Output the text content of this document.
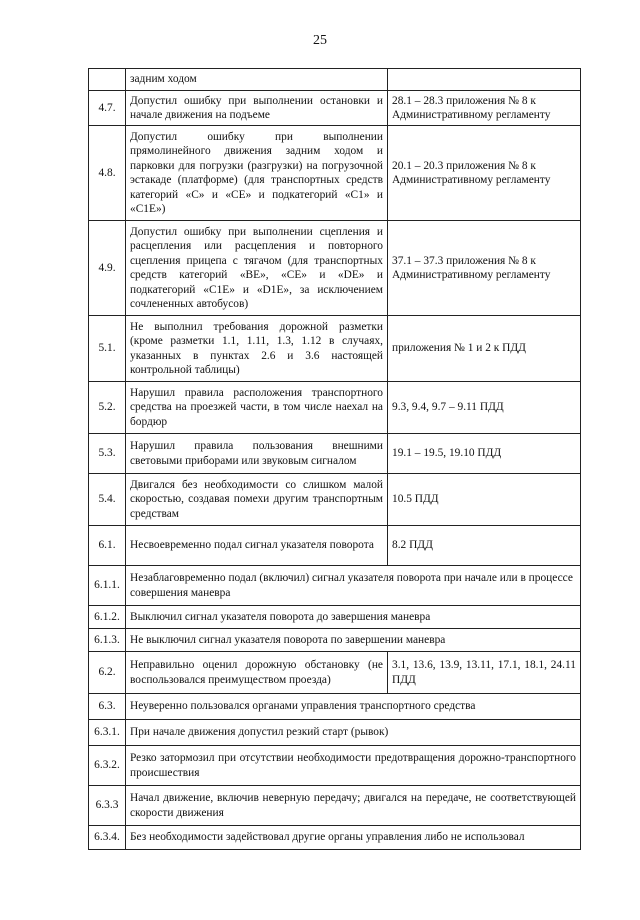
25
	задним ходом	
4.7.	Допустил ошибку при выполнении остановки и начале движения на подъеме	28.1 – 28.3 приложения № 8 к Административному регламенту
4.8.	Допустил ошибку при выполнении прямолинейного движения задним ходом и парковки для погрузки (разгрузки) на погрузочной эстакаде (платформе) (для транспортных средств категорий «С» и «СЕ» и подкатегорий «С1» и «С1Е»)	20.1 – 20.3 приложения № 8 к Административному регламенту
4.9.	Допустил ошибку при выполнении сцепления и расцепления или расцепления и повторного сцепления прицепа с тягачом (для транспортных средств категорий «ВЕ», «СЕ» и «DE» и подкатегорий «С1Е» и «D1E», за исключением сочлененных автобусов)	37.1 – 37.3 приложения № 8 к Административному регламенту
5.1.	Не выполнил требования дорожной разметки (кроме разметки 1.1, 1.11, 1.3, 1.12 в случаях, указанных в пунктах 2.6 и 3.6 настоящей контрольной таблицы)	приложения № 1 и 2 к ПДД
5.2.	Нарушил правила расположения транспортного средства на проезжей части, в том числе наехал на бордюр	9.3, 9.4, 9.7 – 9.11 ПДД
5.3.	Нарушил правила пользования внешними световыми приборами или звуковым сигналом	19.1 – 19.5, 19.10 ПДД
5.4.	Двигался без необходимости со слишком малой скоростью, создавая помехи другим транспортным средствам	10.5 ПДД
6.1.	Несвоевременно подал сигнал указателя поворота	8.2 ПДД
6.1.1.	Незаблаговременно подал (включил) сигнал указателя поворота при начале или в процессе совершения маневра	
6.1.2.	Выключил сигнал указателя поворота до завершения маневра	
6.1.3.	Не выключил сигнал указателя поворота по завершении маневра	
6.2.	Неправильно оценил дорожную обстановку (не воспользовался преимуществом проезда)	3.1, 13.6, 13.9, 13.11, 17.1, 18.1, 24.11 ПДД
6.3.	Неуверенно пользовался органами управления транспортного средства	
6.3.1.	При начале движения допустил резкий старт (рывок)	
6.3.2.	Резко затормозил при отсутствии необходимости предотвращения дорожно-транспортного происшествия	
6.3.3	Начал движение, включив неверную передачу; двигался на передаче, не соответствующей скорости движения	
6.3.4.	Без необходимости задействовал другие органы управления либо не использовал	
